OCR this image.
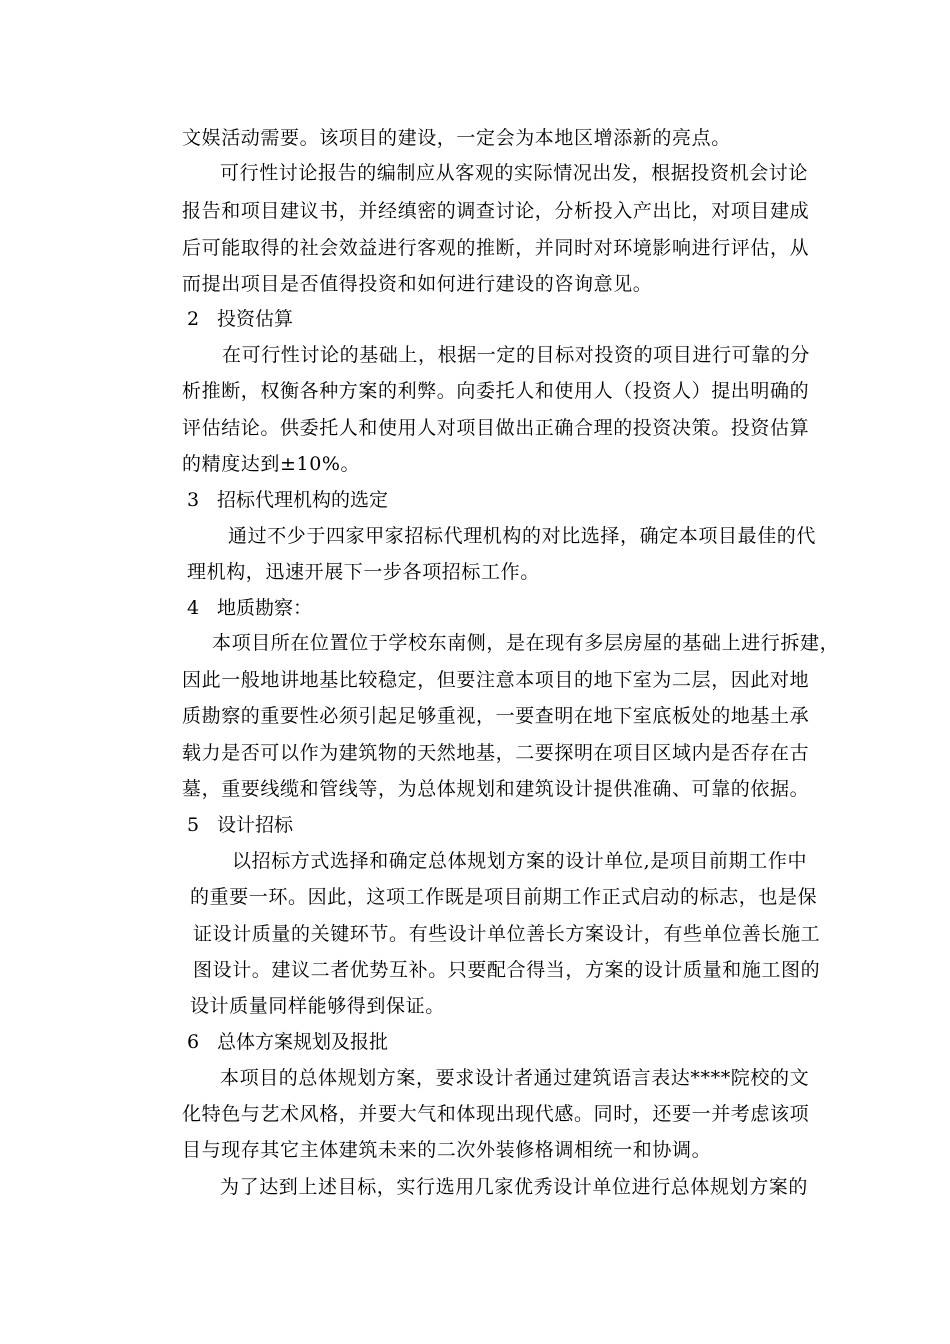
文娱活动需要。该项目的建设，一定会为本地区增添新的亮点。
可行性讨论报告的编制应从客观的实际情况出发，根据投资机会讨论
报告和项目建议书，并经缜密的调查讨论，分析投入产出比，对项目建成
后可能取得的社会效益进行客观的推断，并同时对环境影响进行评估，从
而提出项目是否值得投资和如何进行建设的咨询意见。
2 投资估算
在可行性讨论的基础上，根据一定的目标对投资的项目进行可靠的分
析推断，权衡各种方案的利弊。向委托人和使用人（投资人）提出明确的
评估结论。供委托人和使用人对项目做出正确合理的投资决策。投资估算
的精度达到±10%。
3 招标代理机构的选定
通过不少于四家甲家招标代理机构的对比选择，确定本项目最佳的代
理机构，迅速开展下一步各项招标工作。
4 地质勘察：
本项目所在位置位于学校东南侧，是在现有多层房屋的基础上进行拆建，
因此一般地讲地基比较稳定，但要注意本项目的地下室为二层，因此对地
质勘察的重要性必须引起足够重视，一要查明在地下室底板处的地基土承
载力是否可以作为建筑物的天然地基，二要探明在项目区域内是否存在古
墓，重要线缆和管线等，为总体规划和建筑设计提供准确、可靠的依据。
5 设计招标
以招标方式选择和确定总体规划方案的设计单位,是项目前期工作中
的重要一环。因此，这项工作既是项目前期工作正式启动的标志，也是保
证设计质量的关键环节。有些设计单位善长方案设计，有些单位善长施工
图设计。建议二者优势互补。只要配合得当，方案的设计质量和施工图的
设计质量同样能够得到保证。
6 总体方案规划及报批
本项目的总体规划方案，要求设计者通过建筑语言表达****院校的文
化特色与艺术风格，并要大气和体现出现代感。同时，还要一并考虑该项
目与现存其它主体建筑未来的二次外装修格调相统一和协调。
为了达到上述目标，实行选用几家优秀设计单位进行总体规划方案的
